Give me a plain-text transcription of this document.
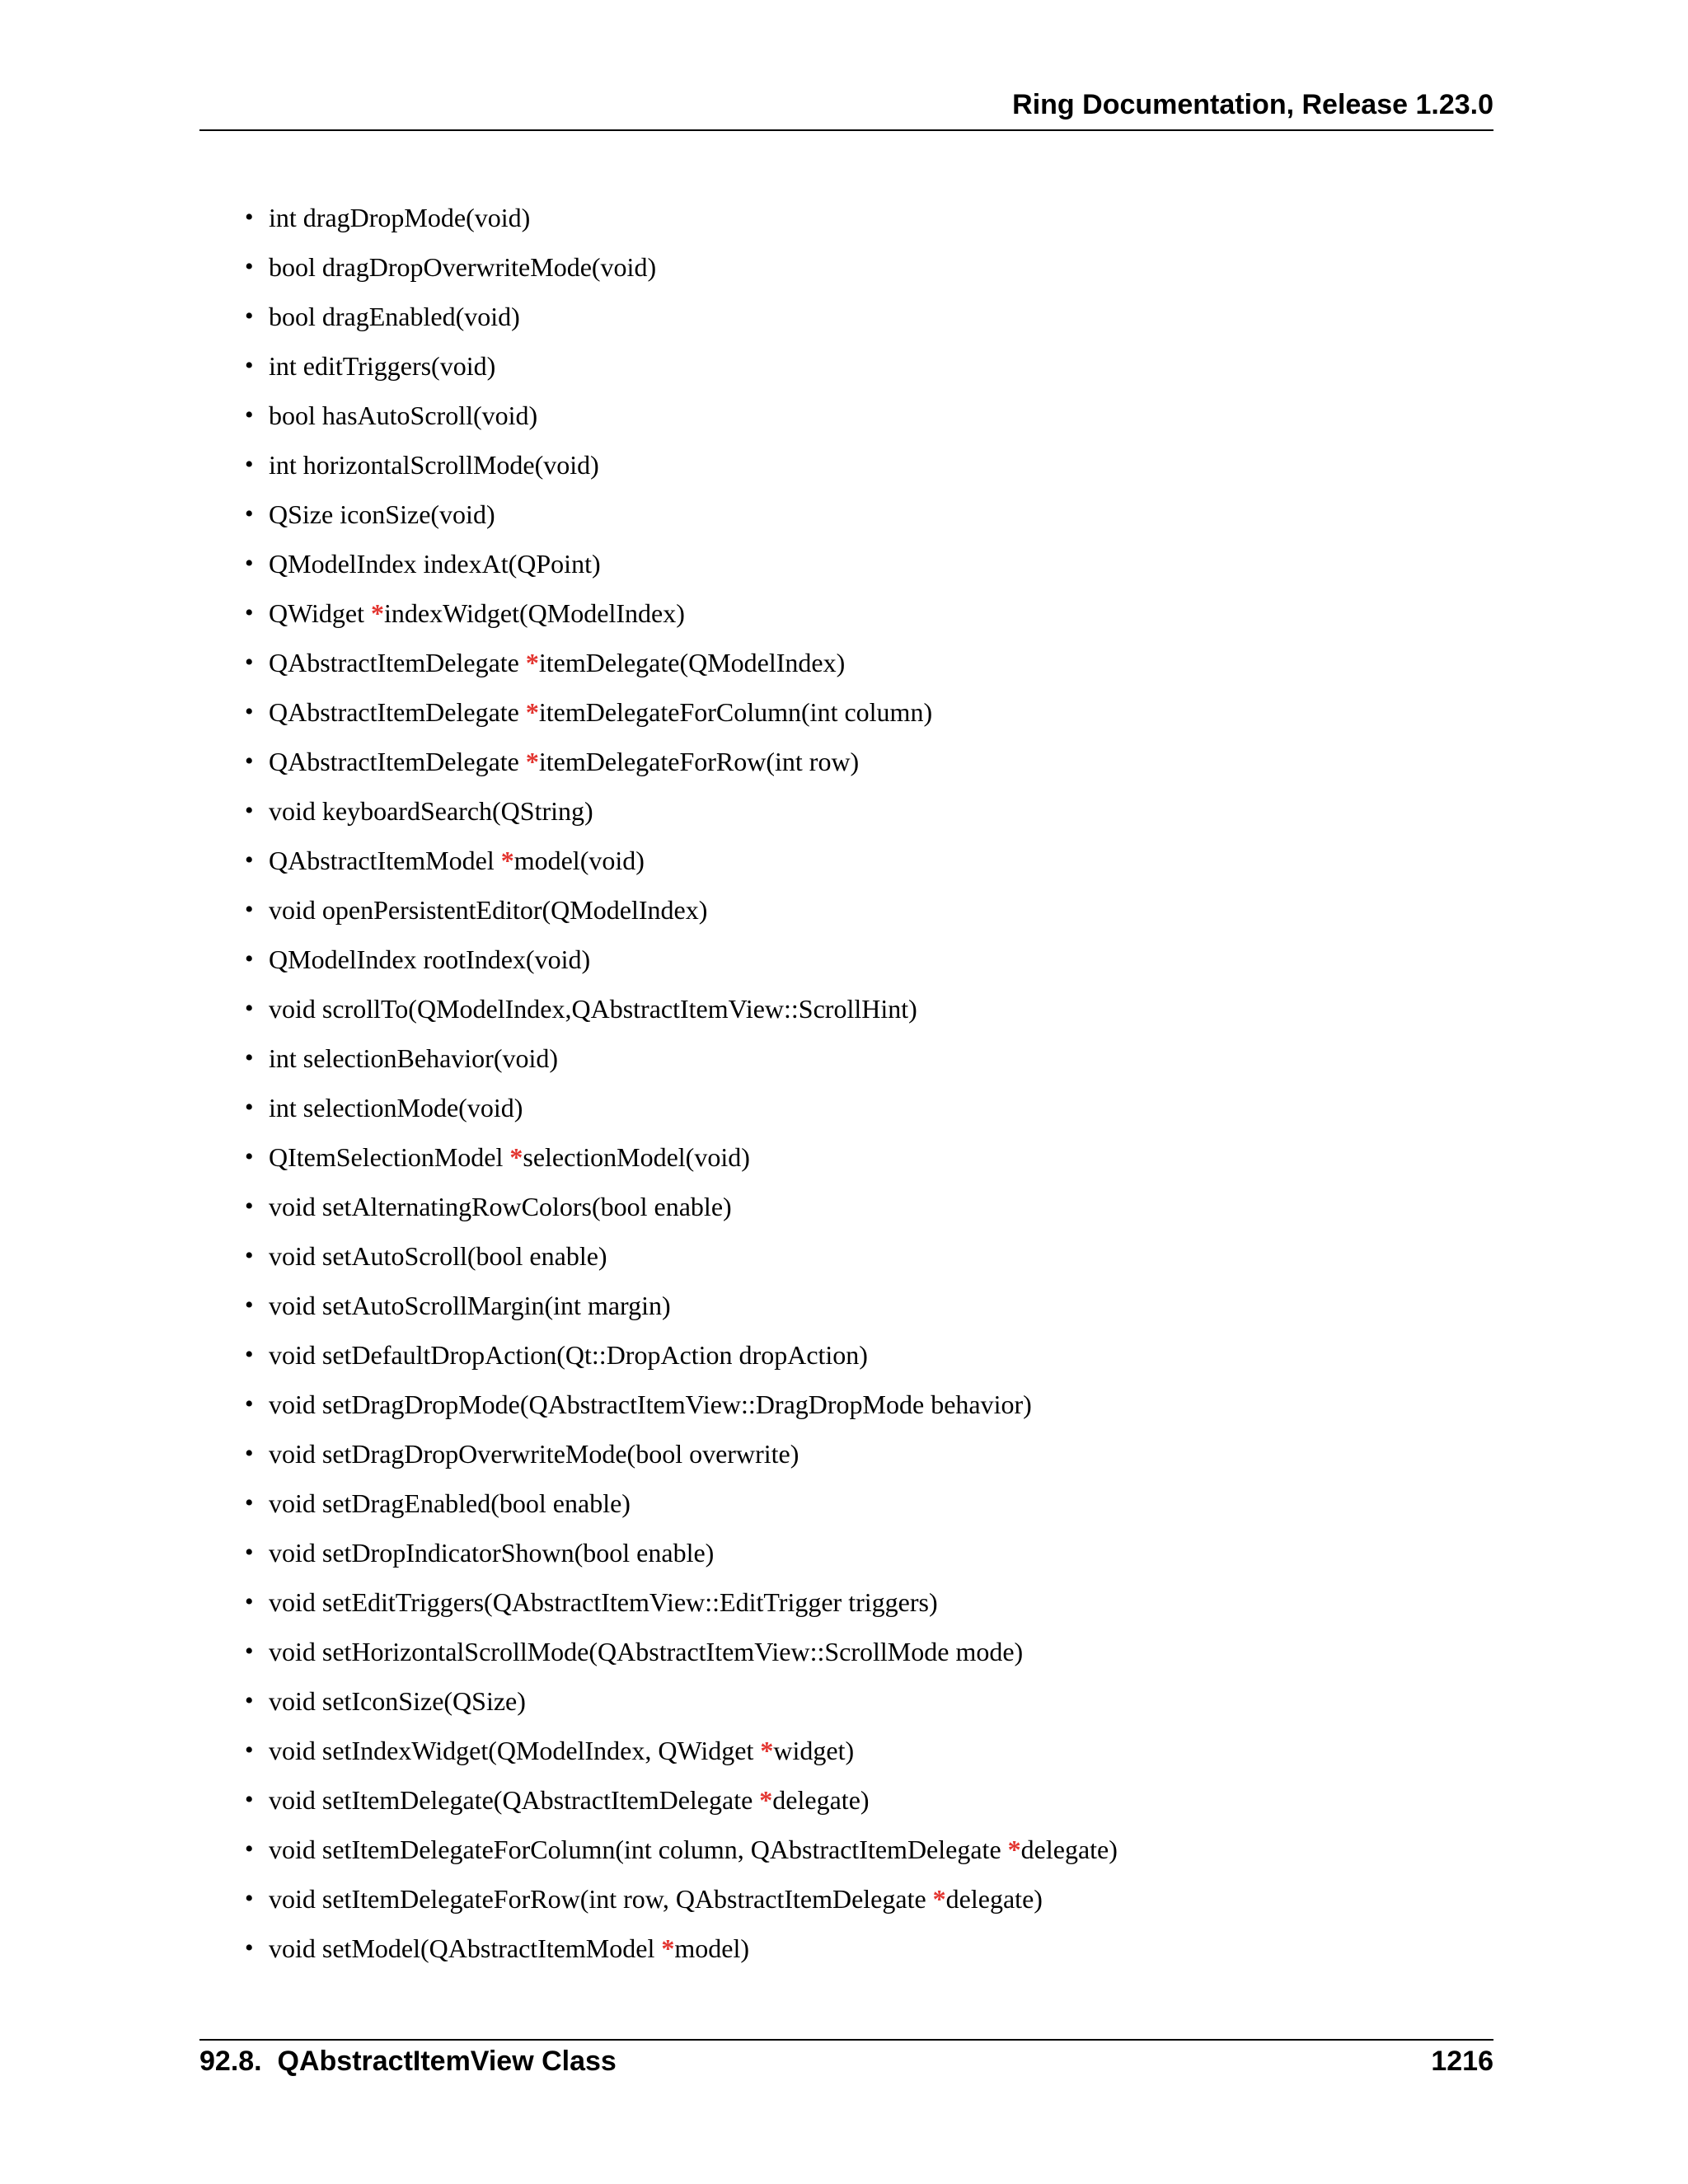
Ring Documentation, Release 1.23.0
• int dragDropMode(void)
• bool dragDropOverwriteMode(void)
• bool dragEnabled(void)
• int editTriggers(void)
• bool hasAutoScroll(void)
• int horizontalScrollMode(void)
• QSize iconSize(void)
• QModelIndex indexAt(QPoint)
• QWidget *indexWidget(QModelIndex)
• QAbstractItemDelegate *itemDelegate(QModelIndex)
• QAbstractItemDelegate *itemDelegateForColumn(int column)
• QAbstractItemDelegate *itemDelegateForRow(int row)
• void keyboardSearch(QString)
• QAbstractItemModel *model(void)
• void openPersistentEditor(QModelIndex)
• QModelIndex rootIndex(void)
• void scrollTo(QModelIndex,QAbstractItemView::ScrollHint)
• int selectionBehavior(void)
• int selectionMode(void)
• QItemSelectionModel *selectionModel(void)
• void setAlternatingRowColors(bool enable)
• void setAutoScroll(bool enable)
• void setAutoScrollMargin(int margin)
• void setDefaultDropAction(Qt::DropAction dropAction)
• void setDragDropMode(QAbstractItemView::DragDropMode behavior)
• void setDragDropOverwriteMode(bool overwrite)
• void setDragEnabled(bool enable)
• void setDropIndicatorShown(bool enable)
• void setEditTriggers(QAbstractItemView::EditTrigger triggers)
• void setHorizontalScrollMode(QAbstractItemView::ScrollMode mode)
• void setIconSize(QSize)
• void setIndexWidget(QModelIndex, QWidget *widget)
• void setItemDelegate(QAbstractItemDelegate *delegate)
• void setItemDelegateForColumn(int column, QAbstractItemDelegate *delegate)
• void setItemDelegateForRow(int row, QAbstractItemDelegate *delegate)
• void setModel(QAbstractItemModel *model)
92.8.  QAbstractItemView Class	1216
